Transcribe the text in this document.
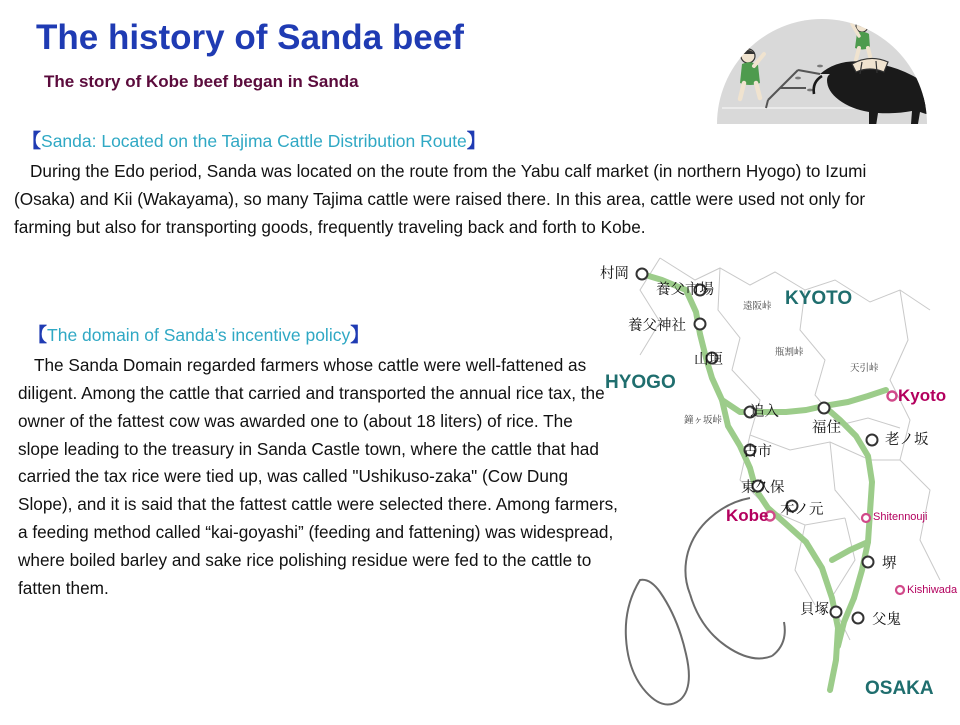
The history of Sanda beef
The story of Kobe beef began in Sanda
【Sanda: Located on the Tajima Cattle Distribution Route】
During the Edo period, Sanda was located on the route from the Yabu calf market (in northern Hyogo) to Izumi (Osaka) and Kii (Wakayama), so many Tajima cattle were raised there. In this area, cattle were used not only for farming but also for transporting goods, frequently traveling back and forth to Kobe.
【The domain of Sanda’s incentive policy】
The Sanda Domain regarded farmers whose cattle were well-fattened as diligent. Among the cattle that carried and transported the annual rice tax, the owner of the fattest cow was awarded one to (about 18 liters) of rice. The slope leading to the treasury in Sanda Castle town, where the cattle that had carried the tax rice were tied up, was called "Ushikuso-zaka" (Cow Dung Slope), and it is said that the fattest cattle were selected there. Among farmers, a feeding method called “kai-goyashi” (feeding and fattening) was widespread, where boiled barley and sake rice polishing residue were fed to the cattle to fatten them.
KYOTO
HYOGO
OSAKA
Kyoto
Kobe	Shitennouji
Kishiwada
村岡
養父市場
養父神社
山垣
追入
福住
古市
東久保
木ノ元
老ノ坂
堺
父鬼
貝塚
遠阪峠
瓶割峠
天引峠
鐘ヶ坂峠
